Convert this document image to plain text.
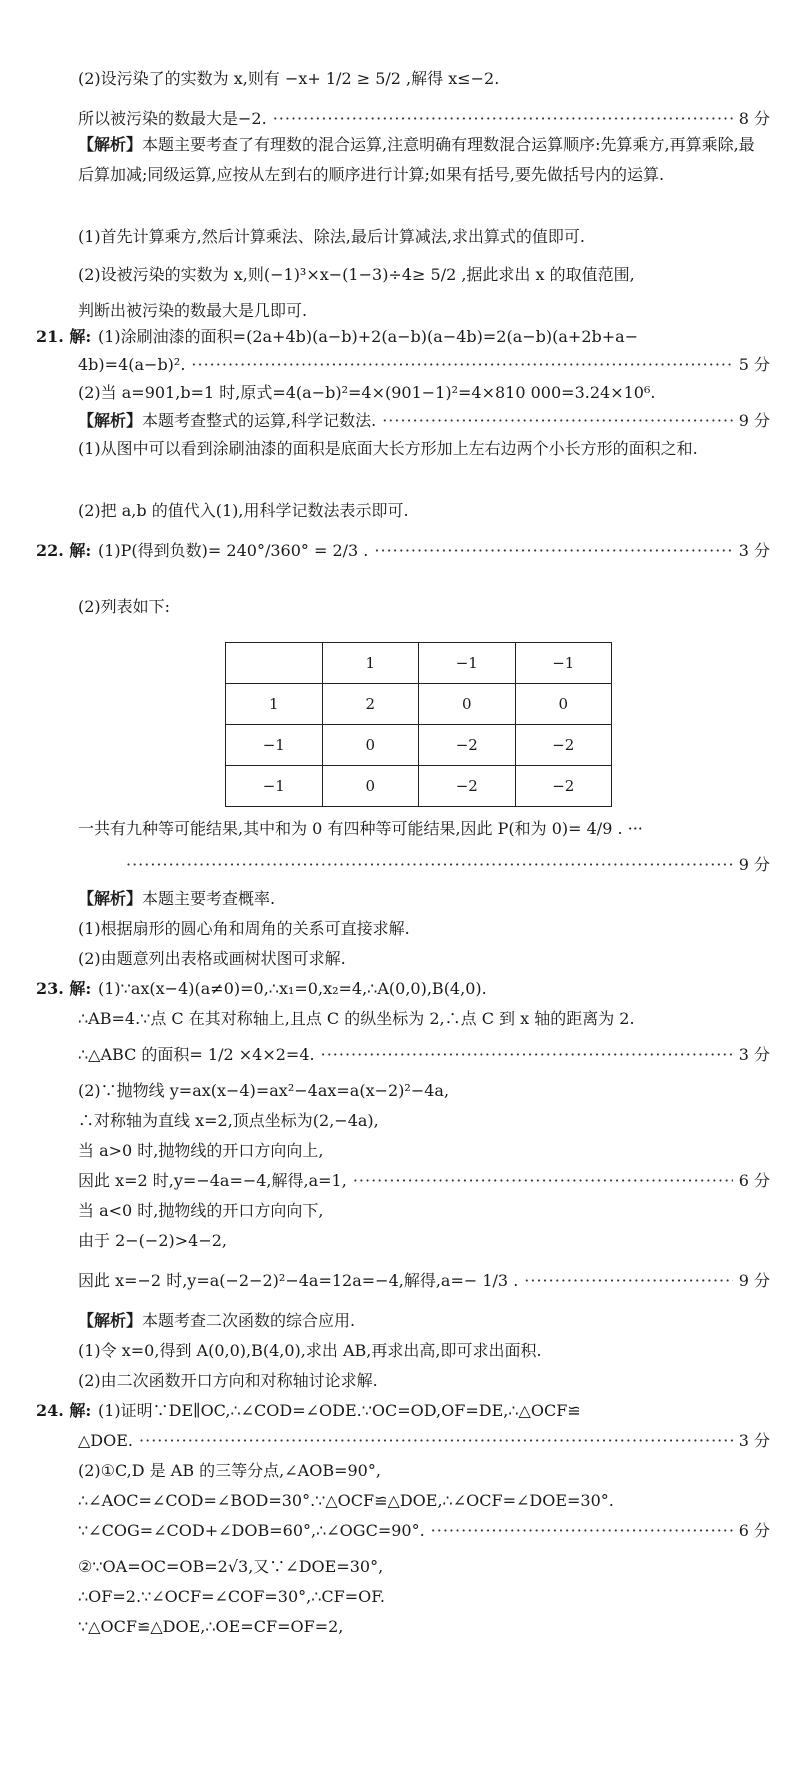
(2)设污染了的实数为 x,则有 −x+ 1/2 ≥ 5/2 ,解得 x≤−2.
所以被污染的数最大是−2. ·····	8 分
【解析】本题主要考查了有理数的混合运算,注意明确有理数混合运算顺序:先算乘方,再算乘除,最后算加减;同级运算,应按从左到右的顺序进行计算;如果有括号,要先做括号内的运算.
(1)首先计算乘方,然后计算乘法、除法,最后计算减法,求出算式的值即可.
(2)设被污染的实数为 x,则(−1)³×x−(1−3)÷4≥ 5/2 ,据此求出 x 的取值范围,
判断出被污染的数最大是几即可.
21. 解: (1)涂刷油漆的面积=(2a+4b)(a−b)+2(a−b)(a−4b)=2(a−b)(a+2b+a−
4b)=4(a−b)². ·····	5 分
(2)当 a=901,b=1 时,原式=4(a−b)²=4×(901−1)²=4×810 000=3.24×10⁶.
【解析】本题考查整式的运算,科学记数法. ·····	9 分
(1)从图中可以看到涂刷油漆的面积是底面大长方形加上左右边两个小长方形的面积之和.
(2)把 a,b 的值代入(1),用科学记数法表示即可.
22. 解: (1)P(得到负数)= 240°/360° = 2/3 . ·····	3 分
(2)列表如下:
	1	−1	−1
1	2	0	0
−1	0	−2	−2
−1	0	−2	−2
一共有九种等可能结果,其中和为 0 有四种等可能结果,因此 P(和为 0)= 4/9 . ···
·····
9 分
【解析】本题主要考查概率.
(1)根据扇形的圆心角和周角的关系可直接求解.
(2)由题意列出表格或画树状图可求解.
23. 解: (1)∵ax(x−4)(a≠0)=0,∴x₁=0,x₂=4,∴A(0,0),B(4,0).
∴AB=4.∵点 C 在其对称轴上,且点 C 的纵坐标为 2,∴点 C 到 x 轴的距离为 2.
∴△ABC 的面积= 1/2 ×4×2=4. ·····	3 分
(2)∵抛物线 y=ax(x−4)=ax²−4ax=a(x−2)²−4a,
∴对称轴为直线 x=2,顶点坐标为(2,−4a),
当 a>0 时,抛物线的开口方向向上,
因此 x=2 时,y=−4a=−4,解得,a=1, ·····	6 分
当 a<0 时,抛物线的开口方向向下,
由于 2−(−2)>4−2,
因此 x=−2 时,y=a(−2−2)²−4a=12a=−4,解得,a=− 1/3 . ·····	9 分
【解析】本题考查二次函数的综合应用.
(1)令 x=0,得到 A(0,0),B(4,0),求出 AB,再求出高,即可求出面积.
(2)由二次函数开口方向和对称轴讨论求解.
24. 解: (1)证明∵DE∥OC,∴∠COD=∠ODE.∵OC=OD,OF=DE,∴△OCF≌
△DOE. ·····	3 分
(2)①C,D 是 AB 的三等分点,∠AOB=90°,
∴∠AOC=∠COD=∠BOD=30°.∵△OCF≌△DOE,∴∠OCF=∠DOE=30°.
∵∠COG=∠COD+∠DOB=60°,∴∠OGC=90°. ·····	6 分
②∵OA=OC=OB=2√3,又∵∠DOE=30°,
∴OF=2.∵∠OCF=∠COF=30°,∴CF=OF.
∵△OCF≌△DOE,∴OE=CF=OF=2,
